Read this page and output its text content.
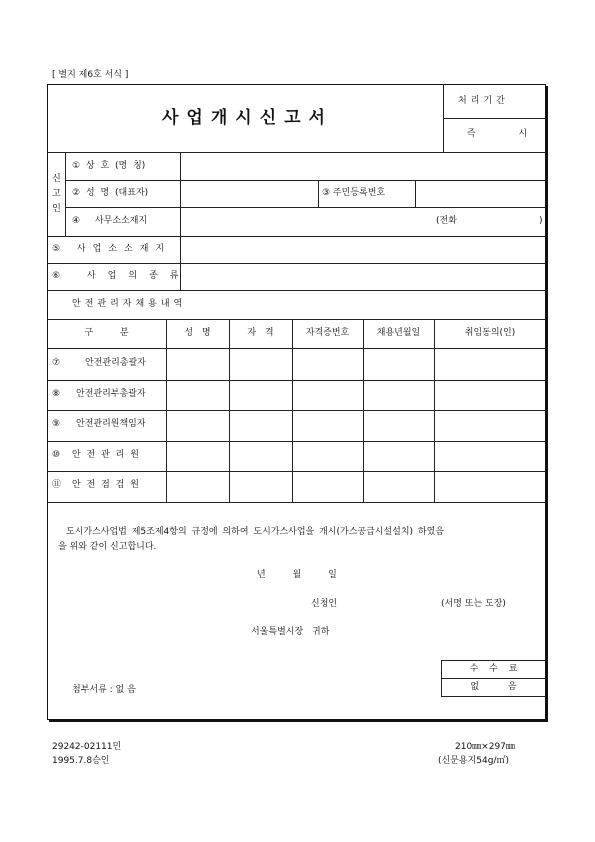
[ 별지 제6호 서식 ]
사업개시신고서
처리기간
즉 시
신고인
① 상 호 (명 칭)
② 성 명 (대표자)	③ 주민등록번호
④ 사무소소재지	(전화	)
⑤ 사업소소재지
⑥ 사업의종류
안전관리자채용내역
구 분	성 명	자 격	자격증번호	채용년월일	취임동의(인)
⑦	안전관리총괄자
⑧ 안전관리부총괄자
⑨ 안전관리원책임자
⑩ 안 전 관 리 원
⑪ 안 전 점 검 원
도시가스사업법 제5조제4항의 규정에 의하여 도시가스사업을 개시(가스공급시설설치) 하였음
을 위와 같이 신고합니다.
년 월 일
신청인	(서명 또는 도장)
서울특별시장 귀하
첨부서류 : 없 음
수 수 료
없 음
29242-02111민
1995.7.8승인
210㎜×297㎜
(신문용지54g/㎡)
